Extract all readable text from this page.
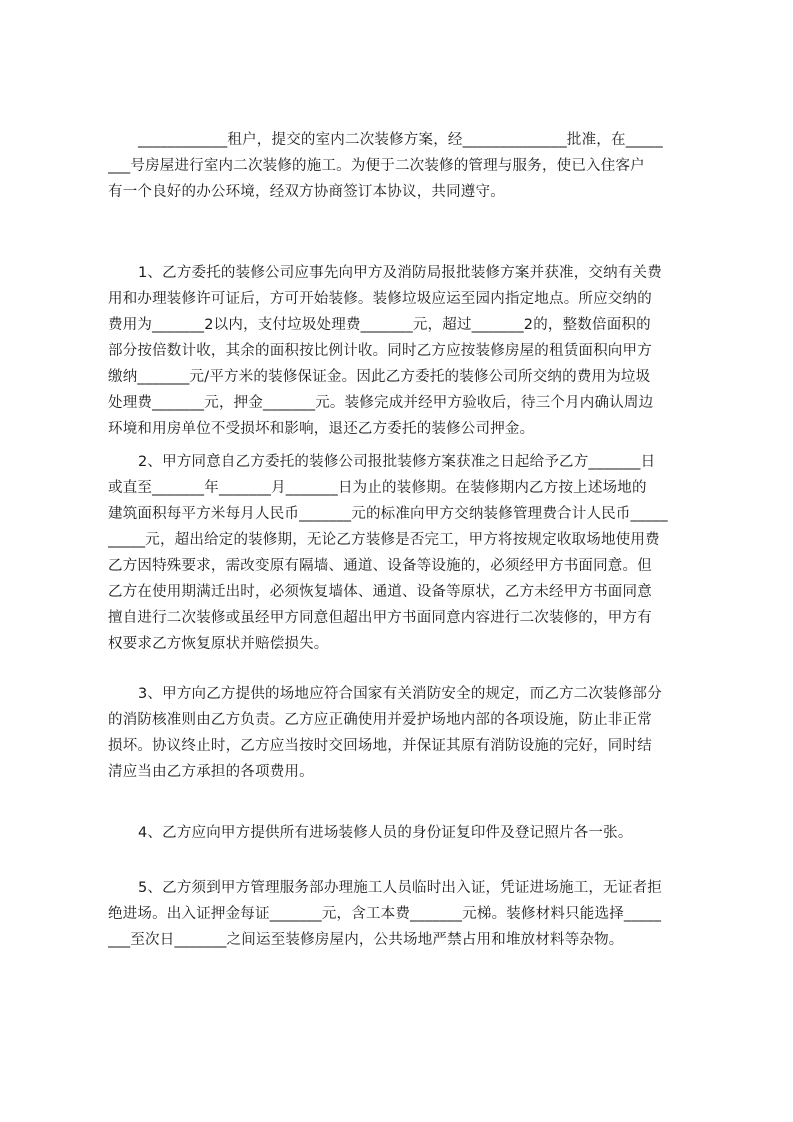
____________租户，提交的室内二次装修方案，经______________批准，在_____
___号房屋进行室内二次装修的施工。为便于二次装修的管理与服务，使已入住客户
有一个良好的办公环境，经双方协商签订本协议，共同遵守。
1、乙方委托的装修公司应事先向甲方及消防局报批装修方案并获准，交纳有关费
用和办理装修许可证后，方可开始装修。装修垃圾应运至园内指定地点。所应交纳的
费用为_______2以内，支付垃圾处理费_______元，超过_______2的，整数倍面积的
部分按倍数计收，其余的面积按比例计收。同时乙方应按装修房屋的租赁面积向甲方
缴纳_______元/平方米的装修保证金。因此乙方委托的装修公司所交纳的费用为垃圾
处理费_______元，押金_______元。装修完成并经甲方验收后，待三个月内确认周边
环境和用房单位不受损坏和影响，退还乙方委托的装修公司押金。
2、甲方同意自乙方委托的装修公司报批装修方案获准之日起给予乙方_______日
或直至_______年_______月_______日为止的装修期。在装修期内乙方按上述场地的
建筑面积每平方米每月人民币_______元的标准向甲方交纳装修管理费合计人民币_____
_____元，超出给定的装修期，无论乙方装修是否完工，甲方将按规定收取场地使用费
乙方因特殊要求，需改变原有隔墙、通道、设备等设施的，必须经甲方书面同意。但
乙方在使用期满迁出时，必须恢复墙体、通道、设备等原状，乙方未经甲方书面同意
擅自进行二次装修或虽经甲方同意但超出甲方书面同意内容进行二次装修的，甲方有
权要求乙方恢复原状并赔偿损失。
3、甲方向乙方提供的场地应符合国家有关消防安全的规定，而乙方二次装修部分
的消防核准则由乙方负责。乙方应正确使用并爱护场地内部的各项设施，防止非正常
损坏。协议终止时，乙方应当按时交回场地，并保证其原有消防设施的完好，同时结
清应当由乙方承担的各项费用。
4、乙方应向甲方提供所有进场装修人员的身份证复印件及登记照片各一张。
5、乙方须到甲方管理服务部办理施工人员临时出入证，凭证进场施工，无证者拒
绝进场。出入证押金每证_______元，含工本费_______元梯。装修材料只能选择_____
___至次日_______之间运至装修房屋内，公共场地严禁占用和堆放材料等杂物。
